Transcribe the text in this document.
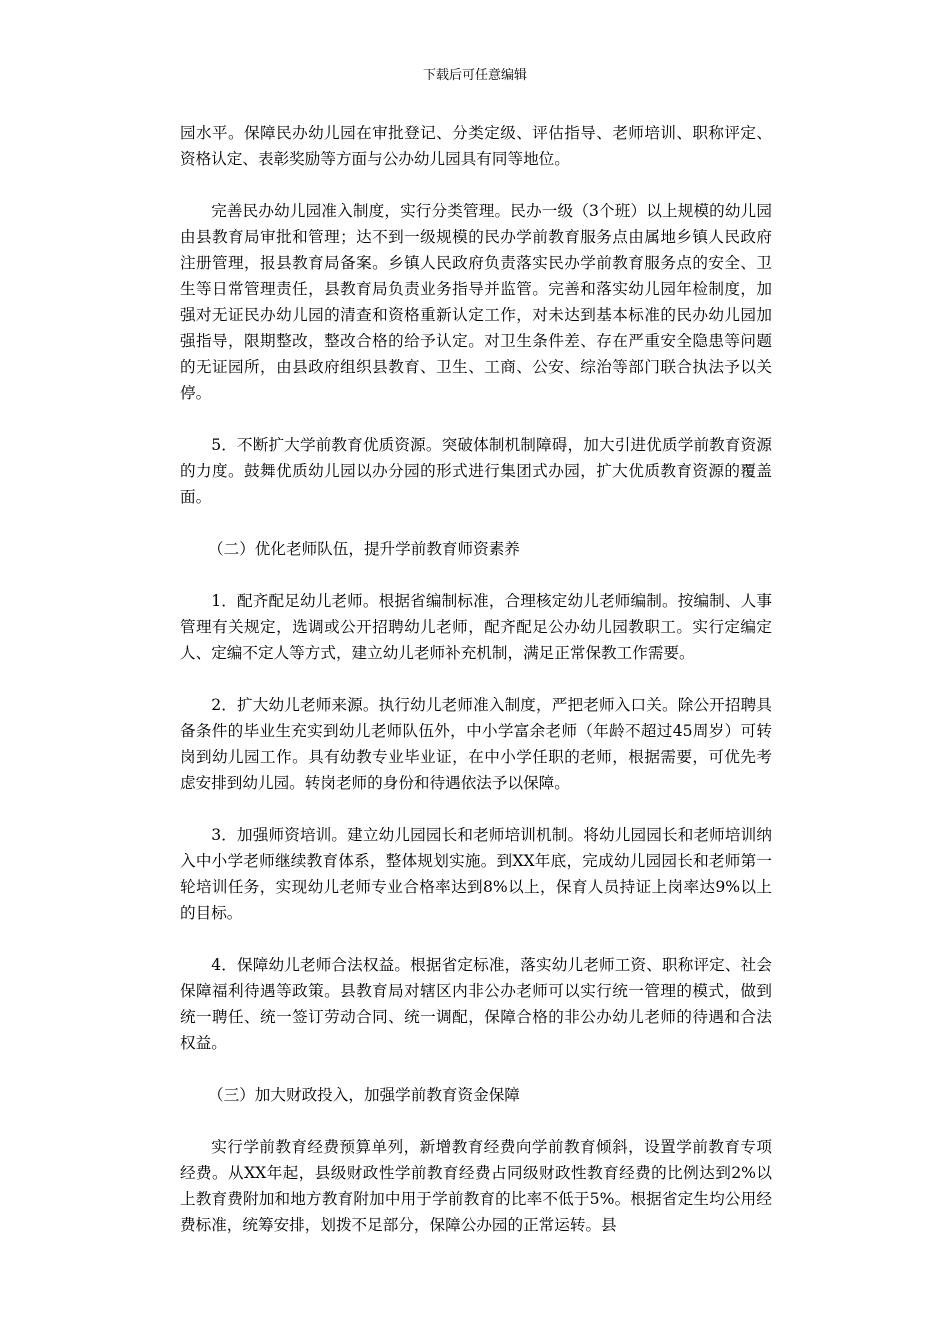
下载后可任意编辑

园水平。保障民办幼儿园在审批登记、分类定级、评估指导、老师培训、职称评定、资格认定、表彰奖励等方面与公办幼儿园具有同等地位。

完善民办幼儿园准入制度，实行分类管理。民办一级（3个班）以上规模的幼儿园由县教育局审批和管理；达不到一级规模的民办学前教育服务点由属地乡镇人民政府注册管理，报县教育局备案。乡镇人民政府负责落实民办学前教育服务点的安全、卫生等日常管理责任，县教育局负责业务指导并监管。完善和落实幼儿园年检制度，加强对无证民办幼儿园的清查和资格重新认定工作，对未达到基本标准的民办幼儿园加强指导，限期整改，整改合格的给予认定。对卫生条件差、存在严重安全隐患等问题的无证园所，由县政府组织县教育、卫生、工商、公安、综治等部门联合执法予以关停。

5．不断扩大学前教育优质资源。突破体制机制障碍，加大引进优质学前教育资源的力度。鼓舞优质幼儿园以办分园的形式进行集团式办园，扩大优质教育资源的覆盖面。

（二）优化老师队伍，提升学前教育师资素养

1．配齐配足幼儿老师。根据省编制标准，合理核定幼儿老师编制。按编制、人事管理有关规定，选调或公开招聘幼儿老师，配齐配足公办幼儿园教职工。实行定编定人、定编不定人等方式，建立幼儿老师补充机制，满足正常保教工作需要。

2．扩大幼儿老师来源。执行幼儿老师准入制度，严把老师入口关。除公开招聘具备条件的毕业生充实到幼儿老师队伍外，中小学富余老师（年龄不超过45周岁）可转岗到幼儿园工作。具有幼教专业毕业证，在中小学任职的老师，根据需要，可优先考虑安排到幼儿园。转岗老师的身份和待遇依法予以保障。

3．加强师资培训。建立幼儿园园长和老师培训机制。将幼儿园园长和老师培训纳入中小学老师继续教育体系，整体规划实施。到XX年底，完成幼儿园园长和老师第一轮培训任务，实现幼儿老师专业合格率达到8%以上，保育人员持证上岗率达9%以上的目标。

4．保障幼儿老师合法权益。根据省定标准，落实幼儿老师工资、职称评定、社会保障福利待遇等政策。县教育局对辖区内非公办老师可以实行统一管理的模式，做到统一聘任、统一签订劳动合同、统一调配，保障合格的非公办幼儿老师的待遇和合法权益。

（三）加大财政投入，加强学前教育资金保障

实行学前教育经费预算单列，新增教育经费向学前教育倾斜，设置学前教育专项经费。从XX年起，县级财政性学前教育经费占同级财政性教育经费的比例达到2%以上教育费附加和地方教育附加中用于学前教育的比率不低于5%。根据省定生均公用经费标准，统筹安排，划拨不足部分，保障公办园的正常运转。县
